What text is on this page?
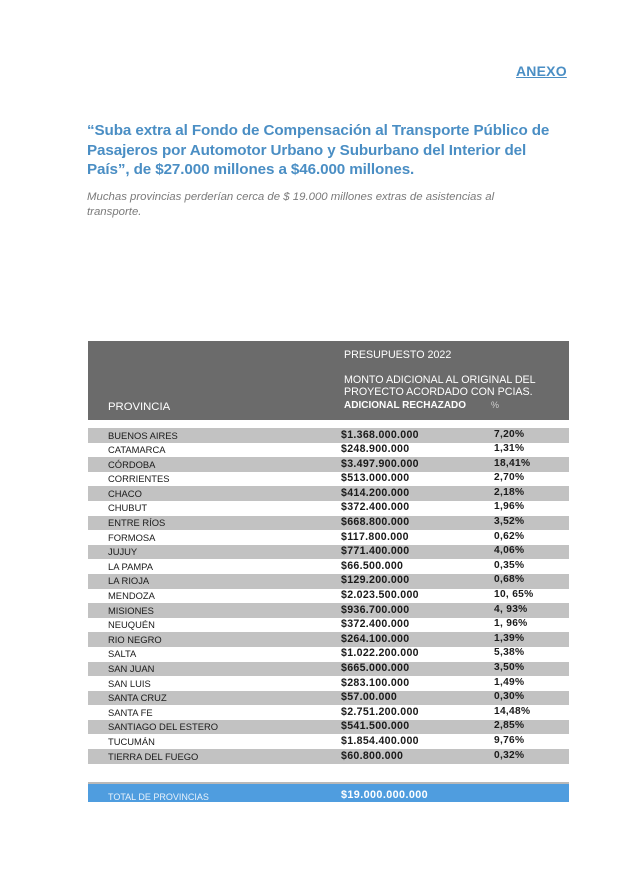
ANEXO
“Suba extra al Fondo de Compensación al Transporte Público de Pasajeros por Automotor Urbano y Suburbano del Interior del País”, de $27.000 millones a $46.000 millones.
Muchas provincias perderían cerca de $ 19.000 millones extras de asistencias al transporte.
PROVINCIA
PRESUPUESTO 2022
MONTO ADICIONAL AL ORIGINAL DEL PROYECTO ACORDADO CON PCIAS.
ADICIONAL RECHAZADO	%
BUENOS AIRES	$1.368.000.000	7,20%
CATAMARCA	$248.900.000	1,31%
CÓRDOBA	$3.497.900.000	18,41%
CORRIENTES	$513.000.000	2,70%
CHACO	$414.200.000	2,18%
CHUBUT	$372.400.000	1,96%
ENTRE RÍOS	$668.800.000	3,52%
FORMOSA	$117.800.000	0,62%
JUJUY	$771.400.000	4,06%
LA PAMPA	$66.500.000	0,35%
LA RIOJA	$129.200.000	0,68%
MENDOZA	$2.023.500.000	10, 65%
MISIONES	$936.700.000	4, 93%
NEUQUÉN	$372.400.000	1, 96%
RIO NEGRO	$264.100.000	1,39%
SALTA	$1.022.200.000	5,38%
SAN JUAN	$665.000.000	3,50%
SAN LUIS	$283.100.000	1,49%
SANTA CRUZ	$57.00.000	0,30%
SANTA FE	$2.751.200.000	14,48%
SANTIAGO DEL ESTERO	$541.500.000	2,85%
TUCUMÁN	$1.854.400.000	9,76%
TIERRA DEL FUEGO	$60.800.000	0,32%
TOTAL DE PROVINCIAS	$19.000.000.000
